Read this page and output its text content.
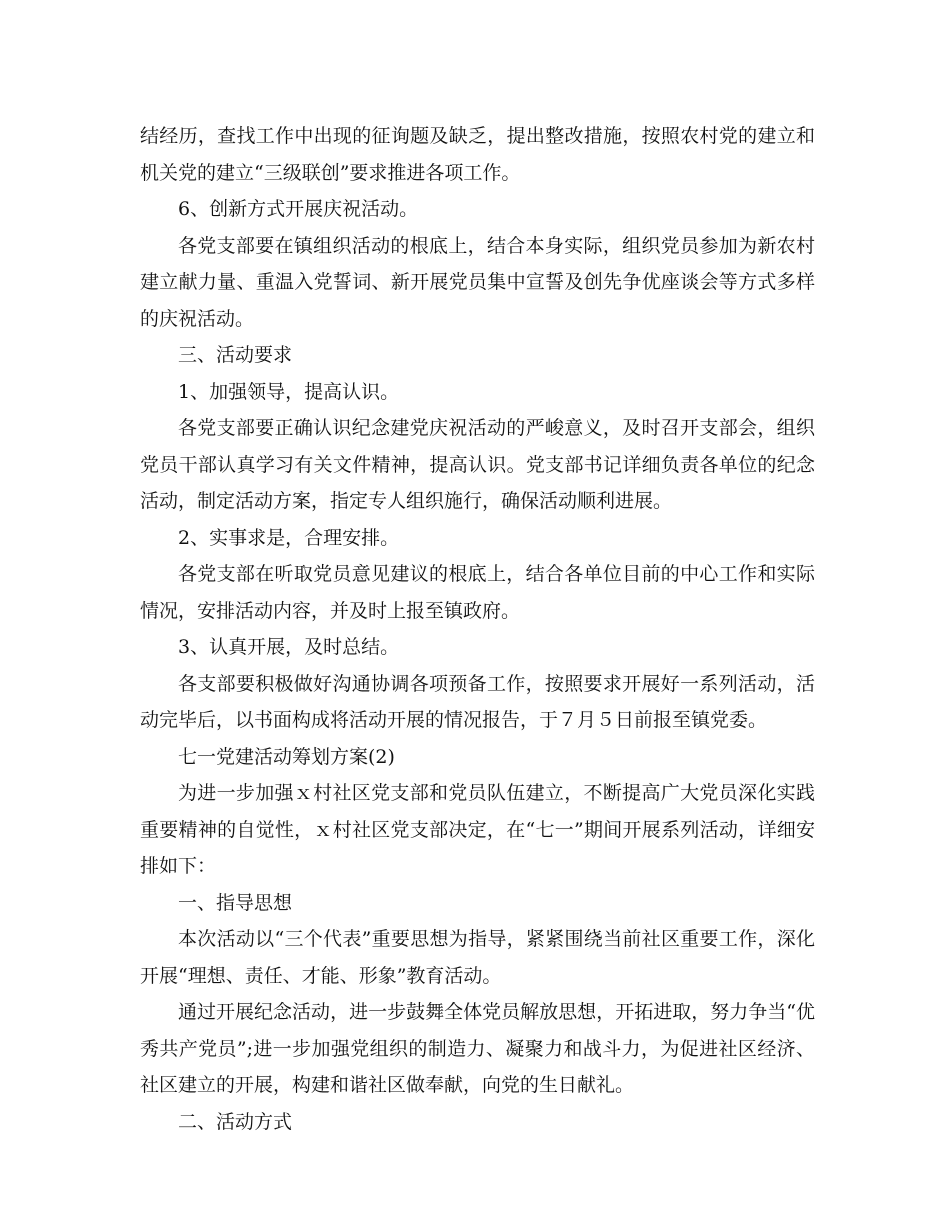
结经历，查找工作中出现的征询题及缺乏，提出整改措施，按照农村党的建立和机关党的建立“三级联创”要求推进各项工作。

6、创新方式开展庆祝活动。

各党支部要在镇组织活动的根底上，结合本身实际，组织党员参加为新农村建立献力量、重温入党誓词、新开展党员集中宣誓及创先争优座谈会等方式多样的庆祝活动。

三、活动要求

1、加强领导，提高认识。

各党支部要正确认识纪念建党庆祝活动的严峻意义，及时召开支部会，组织党员干部认真学习有关文件精神，提高认识。党支部书记详细负责各单位的纪念活动，制定活动方案，指定专人组织施行，确保活动顺利进展。

2、实事求是，合理安排。

各党支部在听取党员意见建议的根底上，结合各单位目前的中心工作和实际情况，安排活动内容，并及时上报至镇政府。

3、认真开展，及时总结。

各支部要积极做好沟通协调各项预备工作，按照要求开展好一系列活动，活动完毕后，以书面构成将活动开展的情况报告，于７月５日前报至镇党委。

七一党建活动筹划方案(2)

为进一步加强ｘ村社区党支部和党员队伍建立，不断提高广大党员深化实践重要精神的自觉性，ｘ村社区党支部决定，在“七一”期间开展系列活动，详细安排如下：

一、指导思想

本次活动以“三个代表”重要思想为指导，紧紧围绕当前社区重要工作，深化开展“理想、责任、才能、形象”教育活动。

通过开展纪念活动，进一步鼓舞全体党员解放思想，开拓进取，努力争当“优秀共产党员”;进一步加强党组织的制造力、凝聚力和战斗力，为促进社区经济、社区建立的开展，构建和谐社区做奉献，向党的生日献礼。

二、活动方式
